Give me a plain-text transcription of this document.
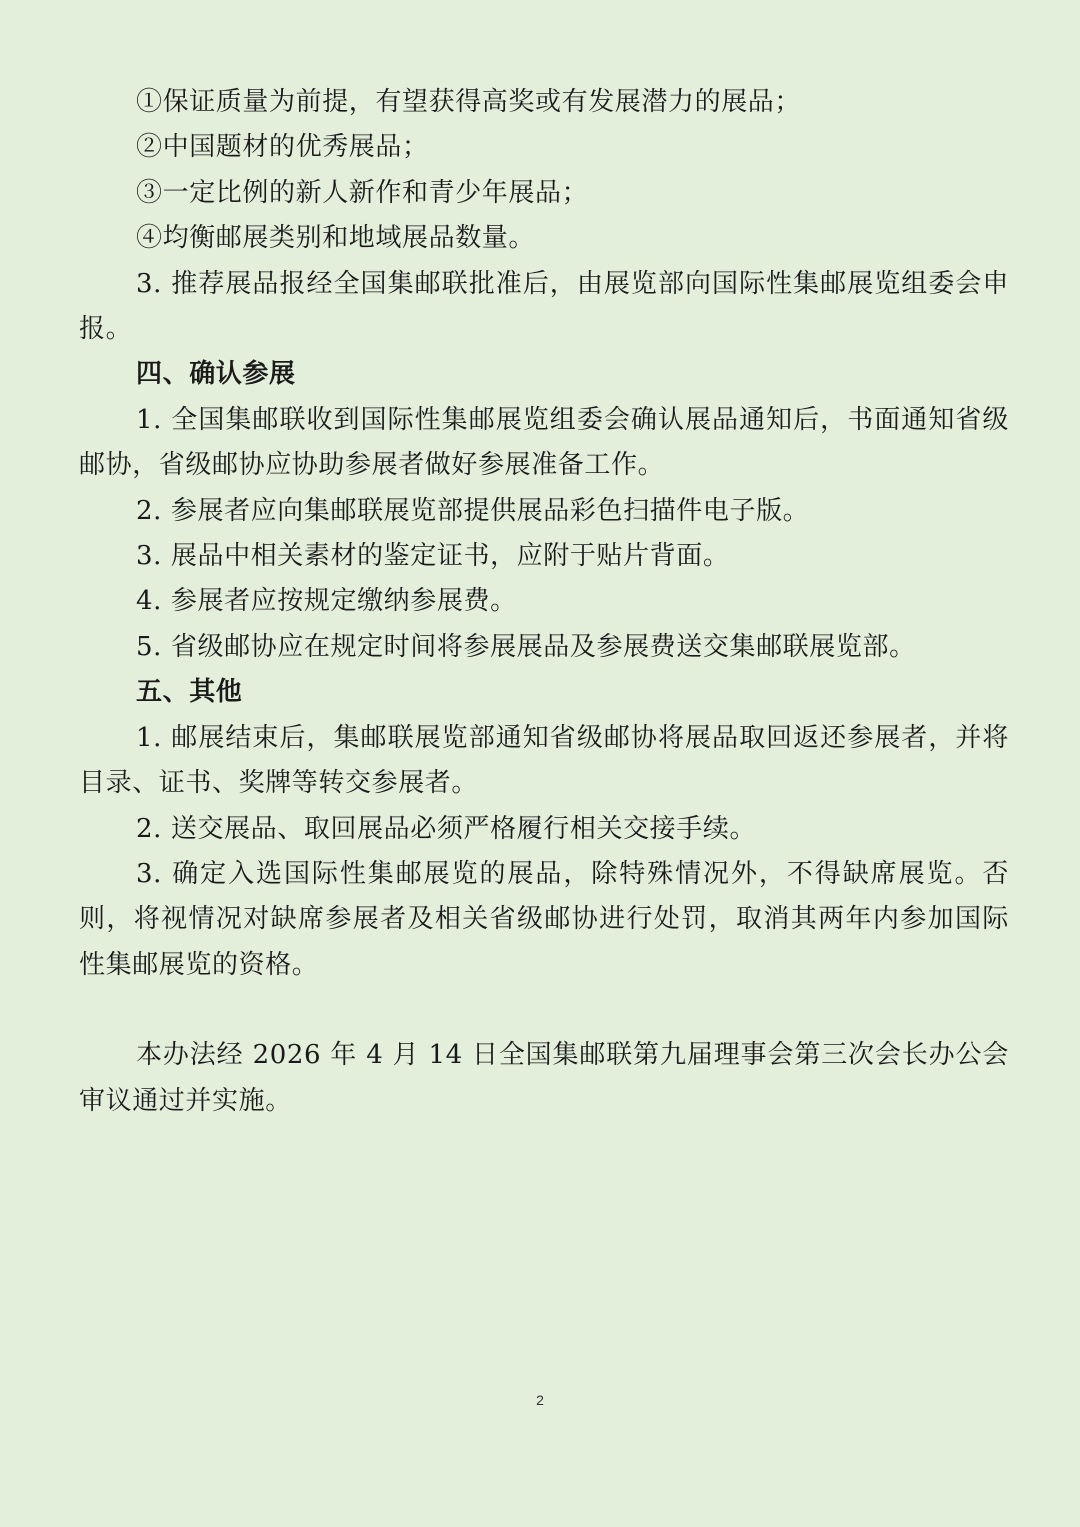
①保证质量为前提，有望获得高奖或有发展潜力的展品；

②中国题材的优秀展品；

③一定比例的新人新作和青少年展品；

④均衡邮展类别和地域展品数量。

3. 推荐展品报经全国集邮联批准后，由展览部向国际性集邮展览组委会申报。

四、确认参展

1. 全国集邮联收到国际性集邮展览组委会确认展品通知后，书面通知省级邮协，省级邮协应协助参展者做好参展准备工作。

2. 参展者应向集邮联展览部提供展品彩色扫描件电子版。

3. 展品中相关素材的鉴定证书，应附于贴片背面。

4. 参展者应按规定缴纳参展费。

5. 省级邮协应在规定时间将参展展品及参展费送交集邮联展览部。

五、其他

1. 邮展结束后，集邮联展览部通知省级邮协将展品取回返还参展者，并将目录、证书、奖牌等转交参展者。

2. 送交展品、取回展品必须严格履行相关交接手续。

3. 确定入选国际性集邮展览的展品，除特殊情况外，不得缺席展览。否则，将视情况对缺席参展者及相关省级邮协进行处罚，取消其两年内参加国际性集邮展览的资格。

本办法经 2026 年 4 月 14 日全国集邮联第九届理事会第三次会长办公会审议通过并实施。

2
